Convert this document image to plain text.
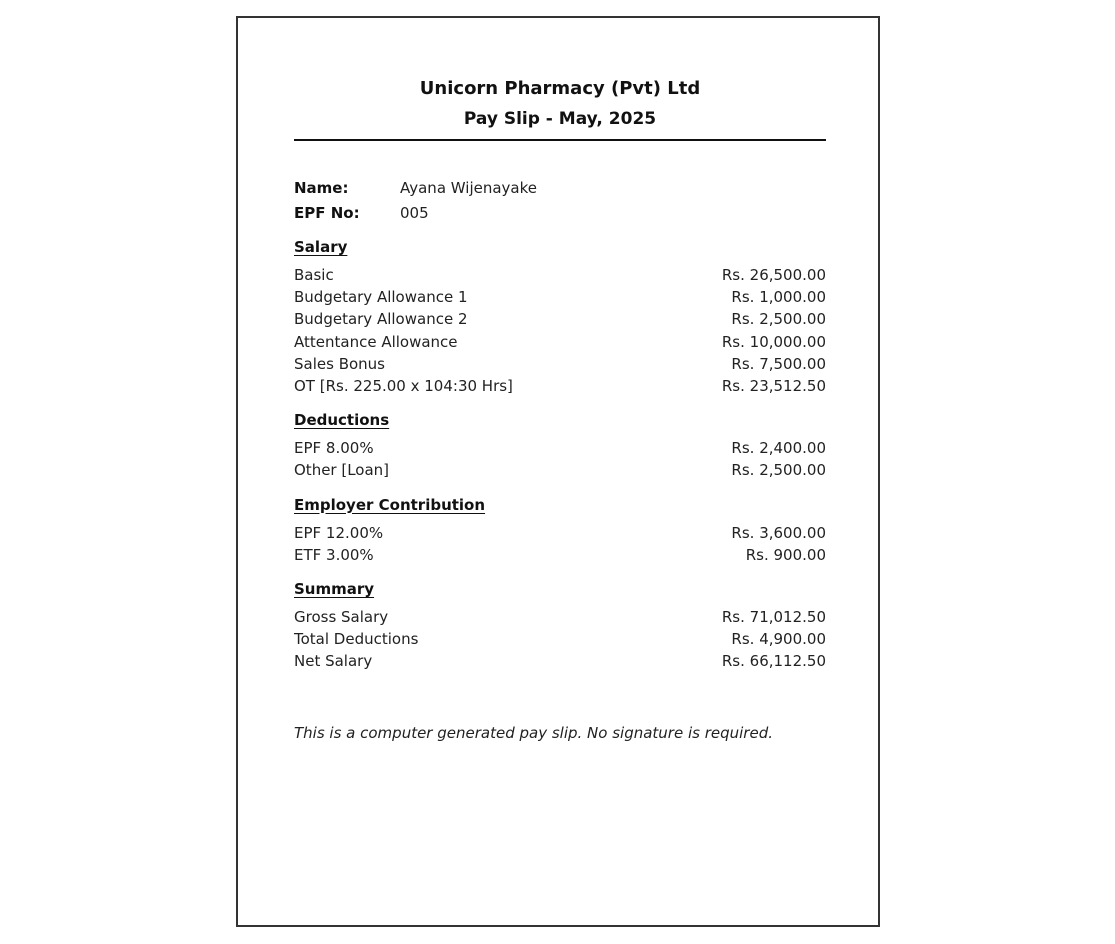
Unicorn Pharmacy (Pvt) Ltd
Pay Slip - May, 2025
Name:	Ayana Wijenayake
EPF No:	005
Salary
Basic	Rs. 26,500.00
Budgetary Allowance 1	Rs. 1,000.00
Budgetary Allowance 2	Rs. 2,500.00
Attentance Allowance	Rs. 10,000.00
Sales Bonus	Rs. 7,500.00
OT [Rs. 225.00 x 104:30 Hrs]	Rs. 23,512.50
Deductions
EPF 8.00%	Rs. 2,400.00
Other [Loan]	Rs. 2,500.00
Employer Contribution
EPF 12.00%	Rs. 3,600.00
ETF 3.00%	Rs. 900.00
Summary
Gross Salary	Rs. 71,012.50
Total Deductions	Rs. 4,900.00
Net Salary	Rs. 66,112.50
This is a computer generated pay slip. No signature is required.
